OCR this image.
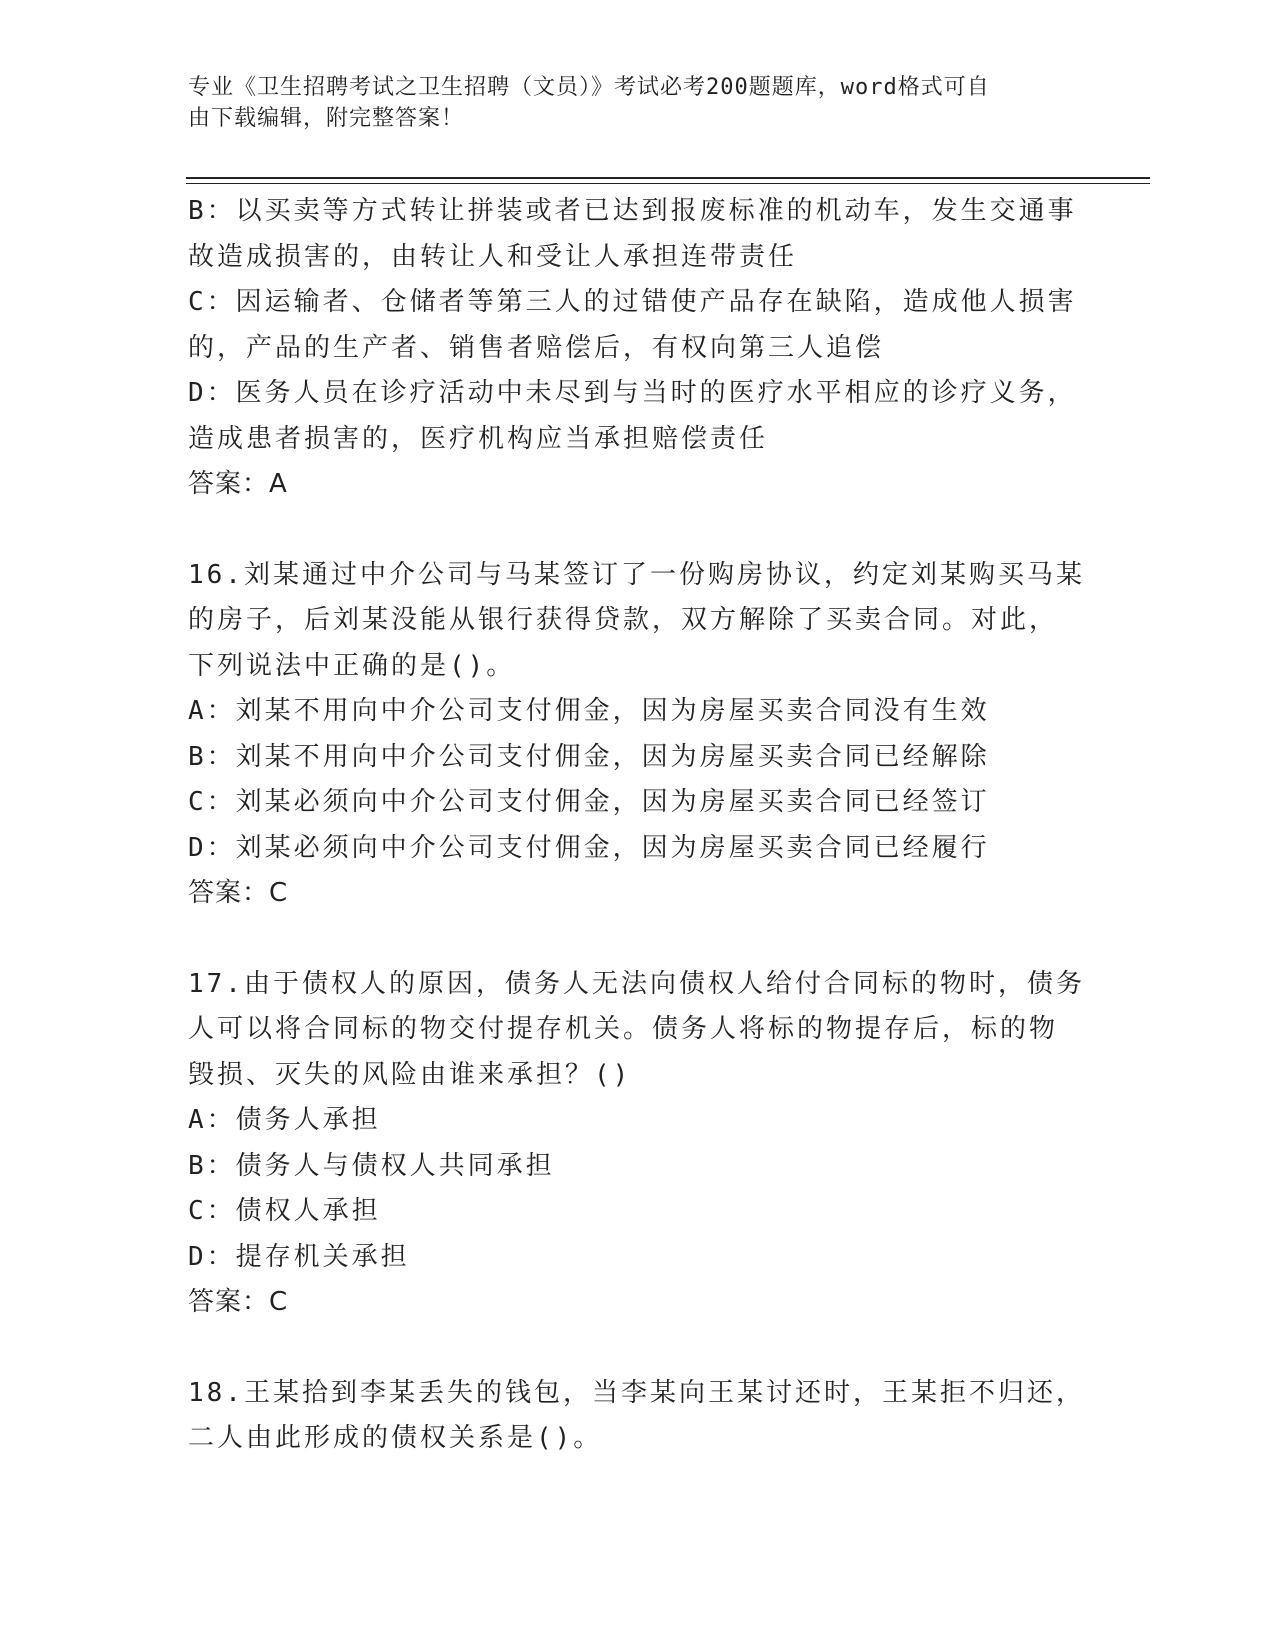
专业《卫生招聘考试之卫生招聘（文员）》考试必考200题题库，word格式可自
由下载编辑，附完整答案！
B：以买卖等方式转让拼装或者已达到报废标准的机动车，发生交通事
故造成损害的，由转让人和受让人承担连带责任
C：因运输者、仓储者等第三人的过错使产品存在缺陷，造成他人损害
的，产品的生产者、销售者赔偿后，有权向第三人追偿
D：医务人员在诊疗活动中未尽到与当时的医疗水平相应的诊疗义务，
造成患者损害的，医疗机构应当承担赔偿责任
答案：A
16.刘某通过中介公司与马某签订了一份购房协议，约定刘某购买马某
的房子，后刘某没能从银行获得贷款，双方解除了买卖合同。对此，
下列说法中正确的是()。
A：刘某不用向中介公司支付佣金，因为房屋买卖合同没有生效
B：刘某不用向中介公司支付佣金，因为房屋买卖合同已经解除
C：刘某必须向中介公司支付佣金，因为房屋买卖合同已经签订
D：刘某必须向中介公司支付佣金，因为房屋买卖合同已经履行
答案：C
17.由于债权人的原因，债务人无法向债权人给付合同标的物时，债务
人可以将合同标的物交付提存机关。债务人将标的物提存后，标的物
毁损、灭失的风险由谁来承担？()
A：债务人承担
B：债务人与债权人共同承担
C：债权人承担
D：提存机关承担
答案：C
18.王某拾到李某丢失的钱包，当李某向王某讨还时，王某拒不归还，
二人由此形成的债权关系是()。
